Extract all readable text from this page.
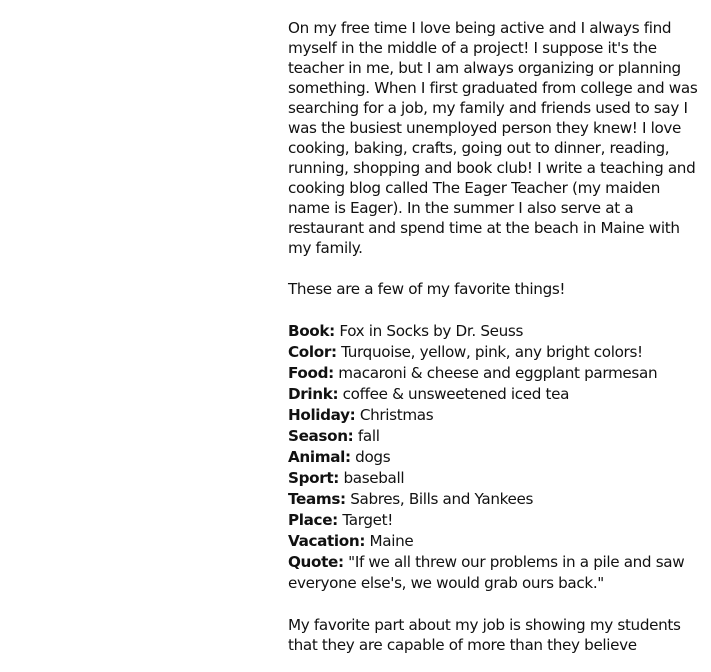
On my free time I love being active and I always find myself in the middle of a project! I suppose it's the teacher in me, but I am always organizing or planning something. When I first graduated from college and was searching for a job, my family and friends used to say I was the busiest unemployed person they knew! I love cooking, baking, crafts, going out to dinner, reading, running, shopping and book club! I write a teaching and cooking blog called The Eager Teacher (my maiden name is Eager). In the summer I also serve at a restaurant and spend time at the beach in Maine with my family.

These are a few of my favorite things!

Book: Fox in Socks by Dr. Seuss
Color: Turquoise, yellow, pink, any bright colors!
Food: macaroni & cheese and eggplant parmesan
Drink: coffee & unsweetened iced tea
Holiday: Christmas
Season: fall
Animal: dogs
Sport: baseball
Teams: Sabres, Bills and Yankees
Place: Target!
Vacation: Maine
Quote: "If we all threw our problems in a pile and saw everyone else's, we would grab ours back."

My favorite part about my job is showing my students that they are capable of more than they believe
